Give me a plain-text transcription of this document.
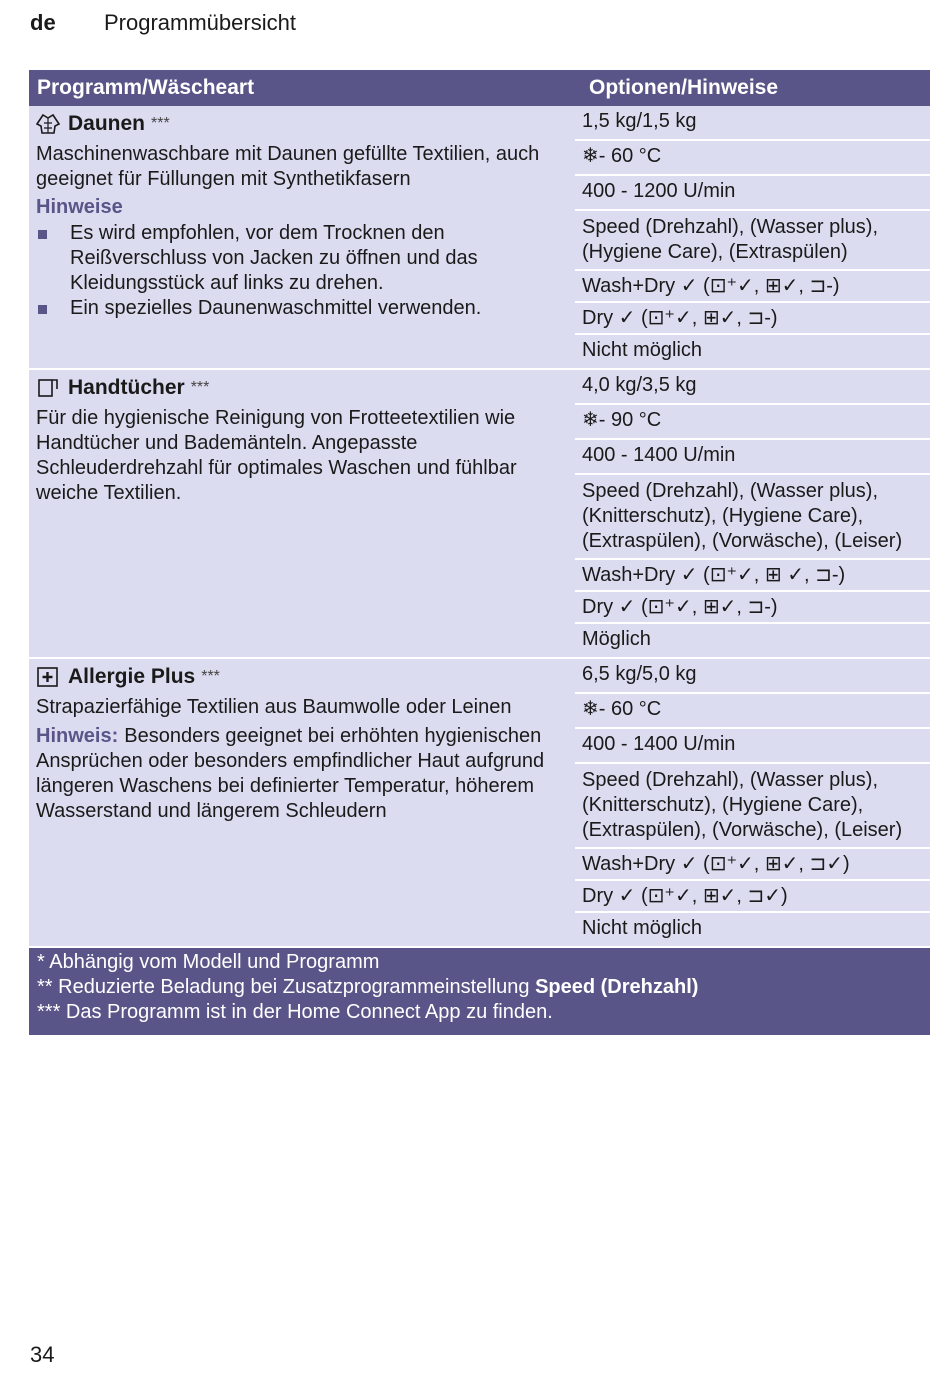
de	Programmübersicht
Programm/Wäscheart	Optionen/Hinweise
Daunen ***
Maschinenwaschbare mit Daunen gefüllte Textilien, auch geeignet für Füllungen mit Synthetikfasern
Hinweise
Es wird empfohlen, vor dem Trocknen den Reißverschluss von Jacken zu öffnen und das Kleidungsstück auf links zu drehen.
Ein spezielles Daunenwaschmittel verwenden.
1,5 kg/1,5 kg
❄- 60 °C
400 - 1200 U/min
Speed (Drehzahl), (Wasser plus), (Hygiene Care), (Extraspülen)
Wash+Dry ✓ (⊡⁺✓, ⊞✓, ⊐-)
Dry ✓ (⊡⁺✓, ⊞✓, ⊐-)
Nicht möglich
Handtücher ***
Für die hygienische Reinigung von Frotteetextilien wie Handtücher und Bademänteln. Angepasste Schleuderdrehzahl für optimales Waschen und fühlbar weiche Textilien.
4,0 kg/3,5 kg
❄- 90 °C
400 - 1400 U/min
Speed (Drehzahl), (Wasser plus), (Knitterschutz), (Hygiene Care), (Extraspülen), (Vorwäsche), (Leiser)
Wash+Dry ✓ (⊡⁺✓, ⊞ ✓, ⊐-)
Dry ✓ (⊡⁺✓, ⊞✓, ⊐-)
Möglich
Allergie Plus ***
Strapazierfähige Textilien aus Baumwolle oder Leinen
Hinweis: Besonders geeignet bei erhöhten hygienischen Ansprüchen oder besonders empfindlicher Haut aufgrund längeren Waschens bei definierter Temperatur, höherem Wasserstand und längerem Schleudern
6,5 kg/5,0 kg
❄- 60 °C
400 - 1400 U/min
Speed (Drehzahl), (Wasser plus), (Knitterschutz), (Hygiene Care), (Extraspülen), (Vorwäsche), (Leiser)
Wash+Dry ✓ (⊡⁺✓, ⊞✓, ⊐✓)
Dry ✓ (⊡⁺✓, ⊞✓, ⊐✓)
Nicht möglich
* Abhängig vom Modell und Programm
** Reduzierte Beladung bei Zusatzprogrammeinstellung Speed (Drehzahl)
*** Das Programm ist in der Home Connect App zu finden.
34
